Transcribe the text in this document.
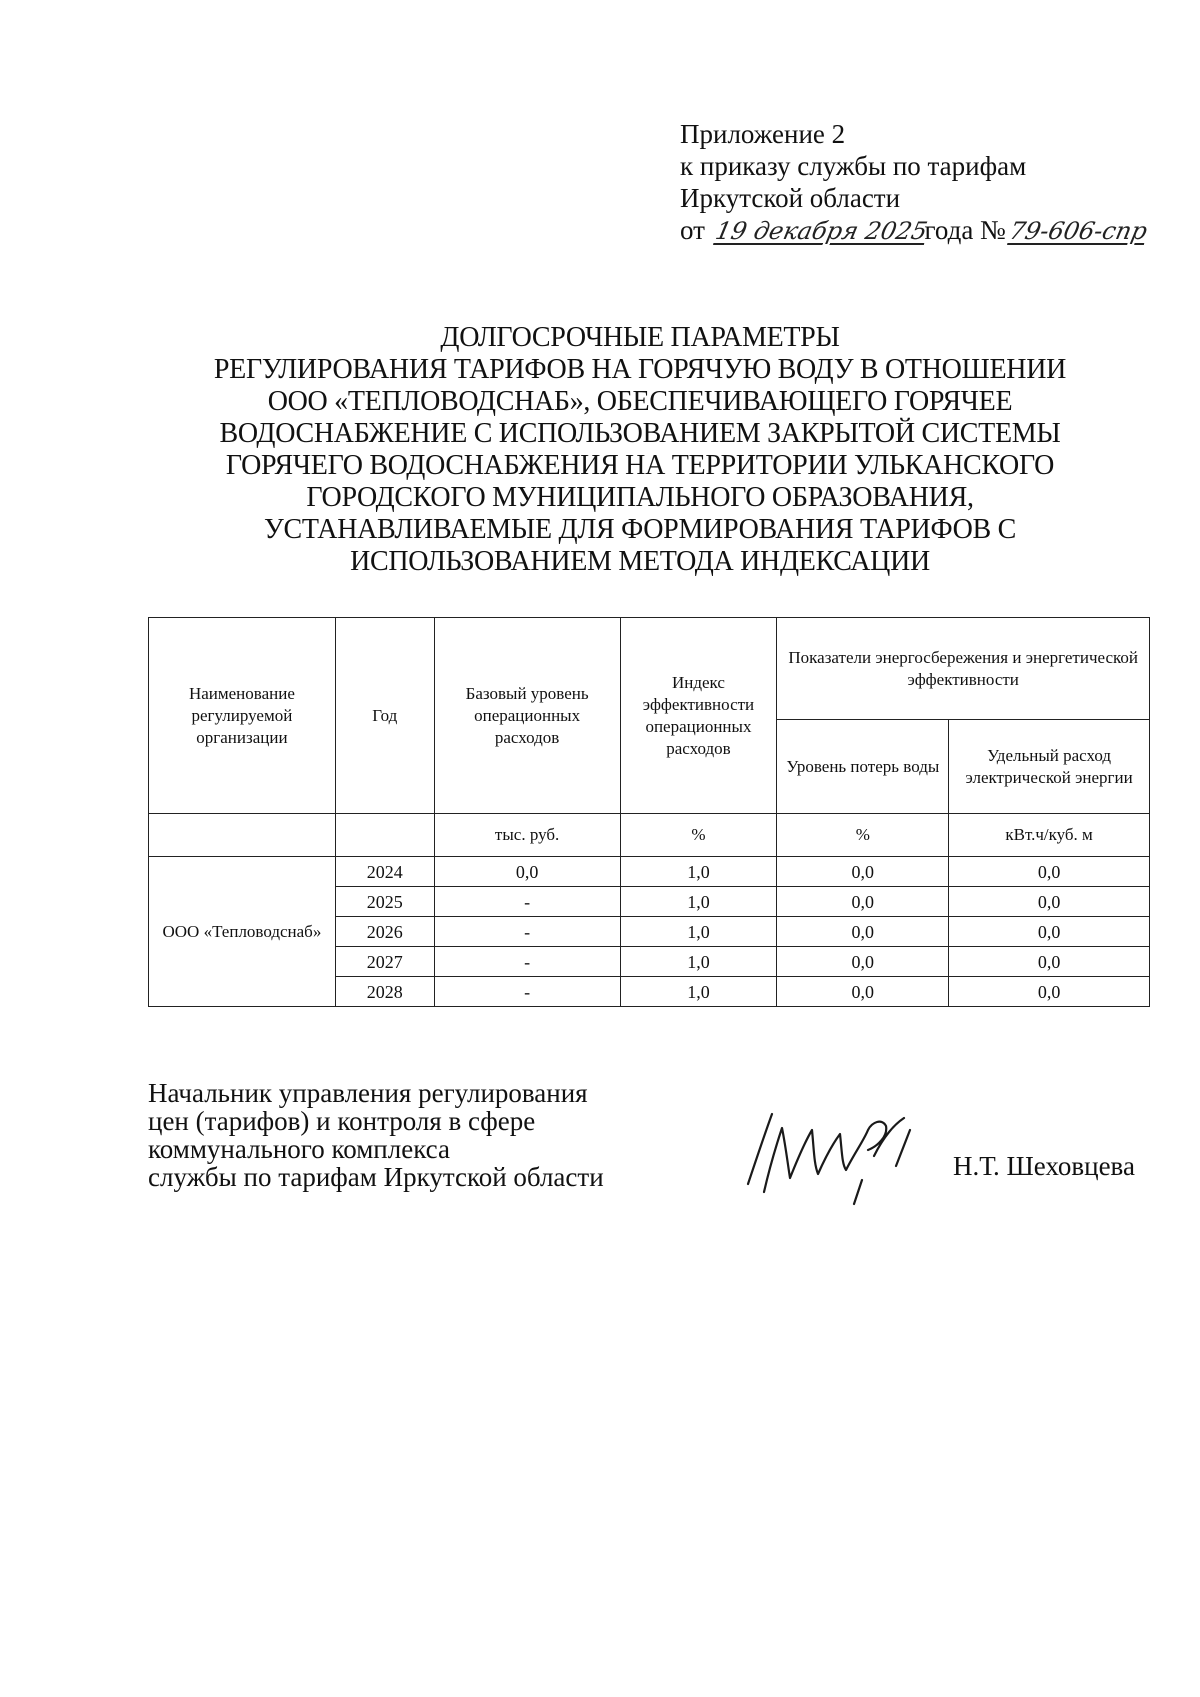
Приложение 2
к приказу службы по тарифам
Иркутской области
от 19 декабря 2025 года №79-606-спр
ДОЛГОСРОЧНЫЕ ПАРАМЕТРЫ
РЕГУЛИРОВАНИЯ ТАРИФОВ НА ГОРЯЧУЮ ВОДУ В ОТНОШЕНИИ
ООО «ТЕПЛОВОДСНАБ», ОБЕСПЕЧИВАЮЩЕГО ГОРЯЧЕЕ
ВОДОСНАБЖЕНИЕ С ИСПОЛЬЗОВАНИЕМ ЗАКРЫТОЙ СИСТЕМЫ
ГОРЯЧЕГО ВОДОСНАБЖЕНИЯ НА ТЕРРИТОРИИ УЛЬКАНСКОГО
ГОРОДСКОГО МУНИЦИПАЛЬНОГО ОБРАЗОВАНИЯ,
УСТАНАВЛИВАЕМЫЕ ДЛЯ ФОРМИРОВАНИЯ ТАРИФОВ С
ИСПОЛЬЗОВАНИЕМ МЕТОДА ИНДЕКСАЦИИ
Наименование регулируемой организации	Год	Базовый уровень операционных расходов	Индекс эффективности операционных расходов	Показатели энергосбережения и энергетической эффективности	
				Уровень потерь воды	Удельный расход электрической энергии
		тыс. руб.	%	%	кВт.ч/куб. м
ООО «Тепловодснаб»	2024	0,0	1,0	0,0	0,0
	2025	-	1,0	0,0	0,0
	2026	-	1,0	0,0	0,0
	2027	-	1,0	0,0	0,0
	2028	-	1,0	0,0	0,0
Начальник управления регулирования
цен (тарифов) и контроля в сфере
коммунального комплекса
службы по тарифам Иркутской области	Н.Т. Шеховцева
